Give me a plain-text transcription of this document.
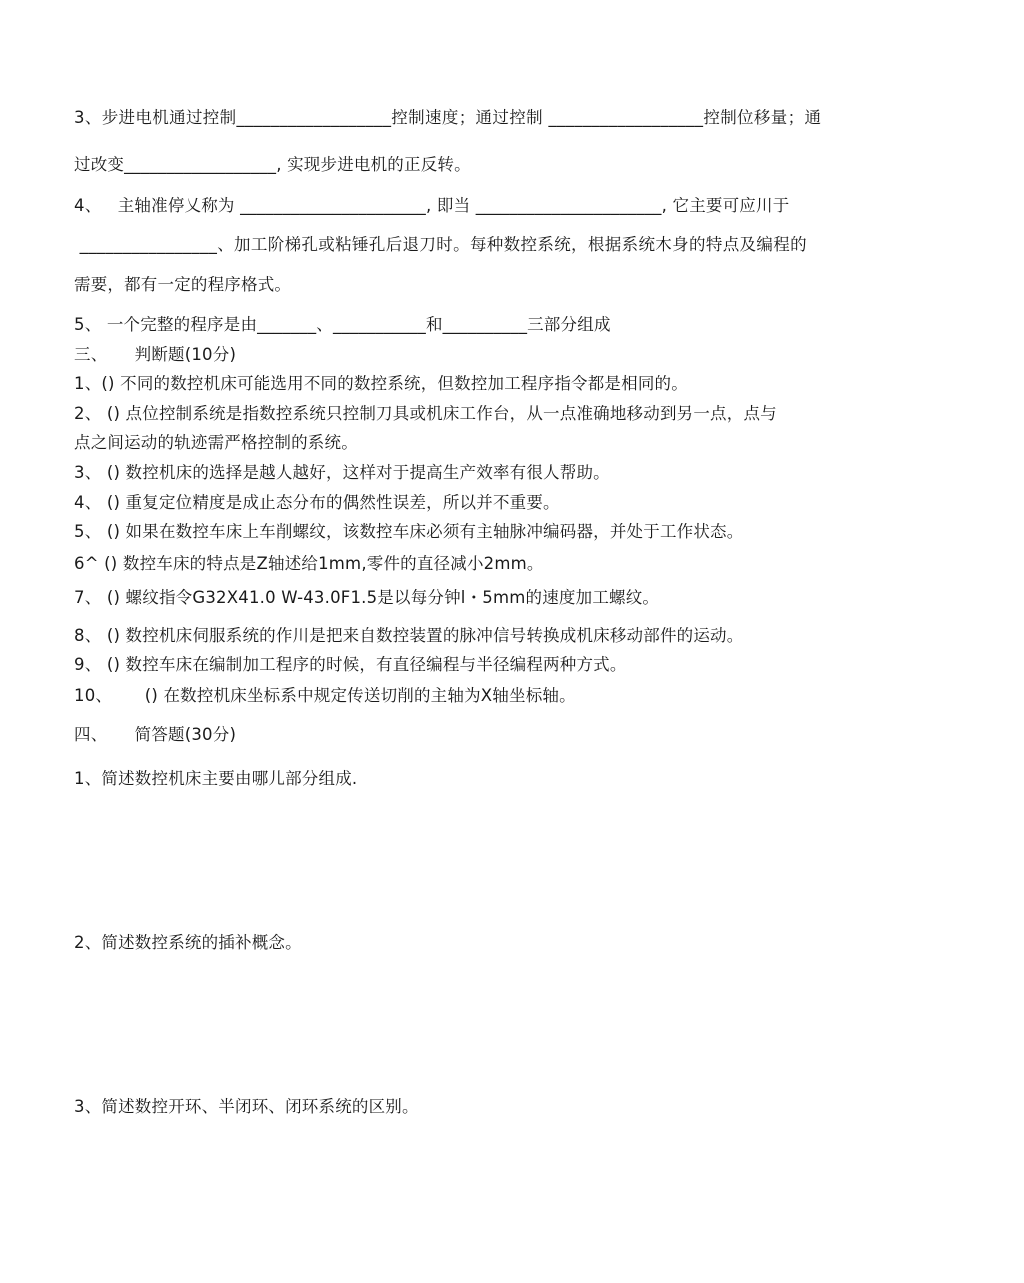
3、步进电机通过控制__________________控制速度；通过控制 __________________控制位移量；通
过改变__________________, 实现步进电机的正反转。
4、   主轴准停乂称为 ______________________, 即当 ______________________, 它主要可应川于
________________、加工阶梯孔或粘锤孔后退刀时。每种数控系统，根据系统木身的特点及编程的
需要，都有一定的程序格式。
5、 一个完整的程序是由_______、___________和__________三部分组成
三、     判断题(10分)
1、() 不同的数控机床可能选用不同的数控系统，但数控加工程序指令都是相同的。
2、 () 点位控制系统是指数控系统只控制刀具或机床工作台，从一点准确地移动到另一点，点与
点之间运动的轨迹需严格控制的系统。
3、 () 数控机床的选择是越人越好，这样对于提高生产效率有很人帮助。
4、 () 重复定位精度是成止态分布的偶然性误差，所以并不重要。
5、 () 如果在数控车床上车削螺纹，该数控车床必须有主轴脉冲编码器，并处于工作状态。
6^ () 数控车床的特点是Z轴述给1mm,零件的直径减小2mm。
7、 () 螺纹指令G32X41.0 W-43.0F1.5是以每分钟l・5mm的速度加工螺纹。
8、 () 数控机床伺服系统的作川是把来自数控装置的脉冲信号转换成机床移动部件的运动。
9、 () 数控车床在编制加工程序的时候，有直径编程与半径编程两种方式。
10、      () 在数控机床坐标系中规定传送切削的主轴为X轴坐标轴。
四、     简答题(30分)
1、简述数控机床主要由哪儿部分组成.
2、简述数控系统的插补概念。
3、简述数控开环、半闭环、闭环系统的区别。
